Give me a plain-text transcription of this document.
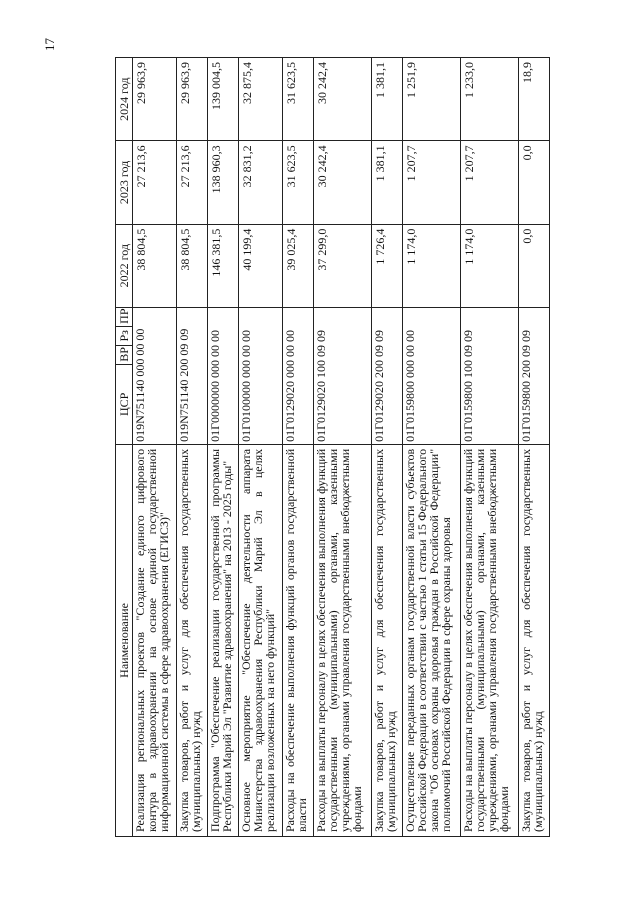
17
Наименование	ЦСР	ВР	Рз	ПР	2022 год	2023 год	2024 год
Реализация региональных проектов "Создание единого цифрового контура в здравоохранении на основе единой государственной информационной системы в сфере здравоохранения (ЕГИСЗ)"	019N751140 000 00 00				38 804,5	27 213,6	29 963,9
Закупка товаров, работ и услуг для обеспечения государственных (муниципальных) нужд	019N751140 200 09 09				38 804,5	27 213,6	29 963,9
Подпрограмма "Обеспечение реализации государственной программы Республики Марий Эл "Развитие здравоохранения" на 2013 - 2025 годы"	01Г0000000 000 00 00				146 381,5	138 960,3	139 004,5
Основное мероприятие "Обеспечение деятельности аппарата Министерства здравоохранения Республики Марий Эл в целях реализации возложенных на него функций"	01Г0100000 000 00 00				40 199,4	32 831,2	32 875,4
Расходы на обеспечение выполнения функций органов государственной власти	01Г0129020 000 00 00				39 025,4	31 623,5	31 623,5
Расходы на выплаты персоналу в целях обеспечения выполнения функций государственными (муниципальными) органами, казенными учреждениями, органами управления государственными внебюджетными фондами	01Г0129020 100 09 09				37 299,0	30 242,4	30 242,4
Закупка товаров, работ и услуг для обеспечения государственных (муниципальных) нужд	01Г0129020 200 09 09				1 726,4	1 381,1	1 381,1
Осуществление переданных органам государственной власти субъектов Российской Федерации в соответствии с частью 1 статьи 15 Федерального закона "Об основах охраны здоровья граждан в Российской Федерации" полномочий Российской Федерации в сфере охраны здоровья	01Г0159800 000 00 00				1 174,0	1 207,7	1 251,9
Расходы на выплаты персоналу в целях обеспечения выполнения функций государственными (муниципальными) органами, казенными учреждениями, органами управления государственными внебюджетными фондами	01Г0159800 100 09 09				1 174,0	1 207,7	1 233,0
Закупка товаров, работ и услуг для обеспечения государственных (муниципальных) нужд	01Г0159800 200 09 09				0,0	0,0	18,9
